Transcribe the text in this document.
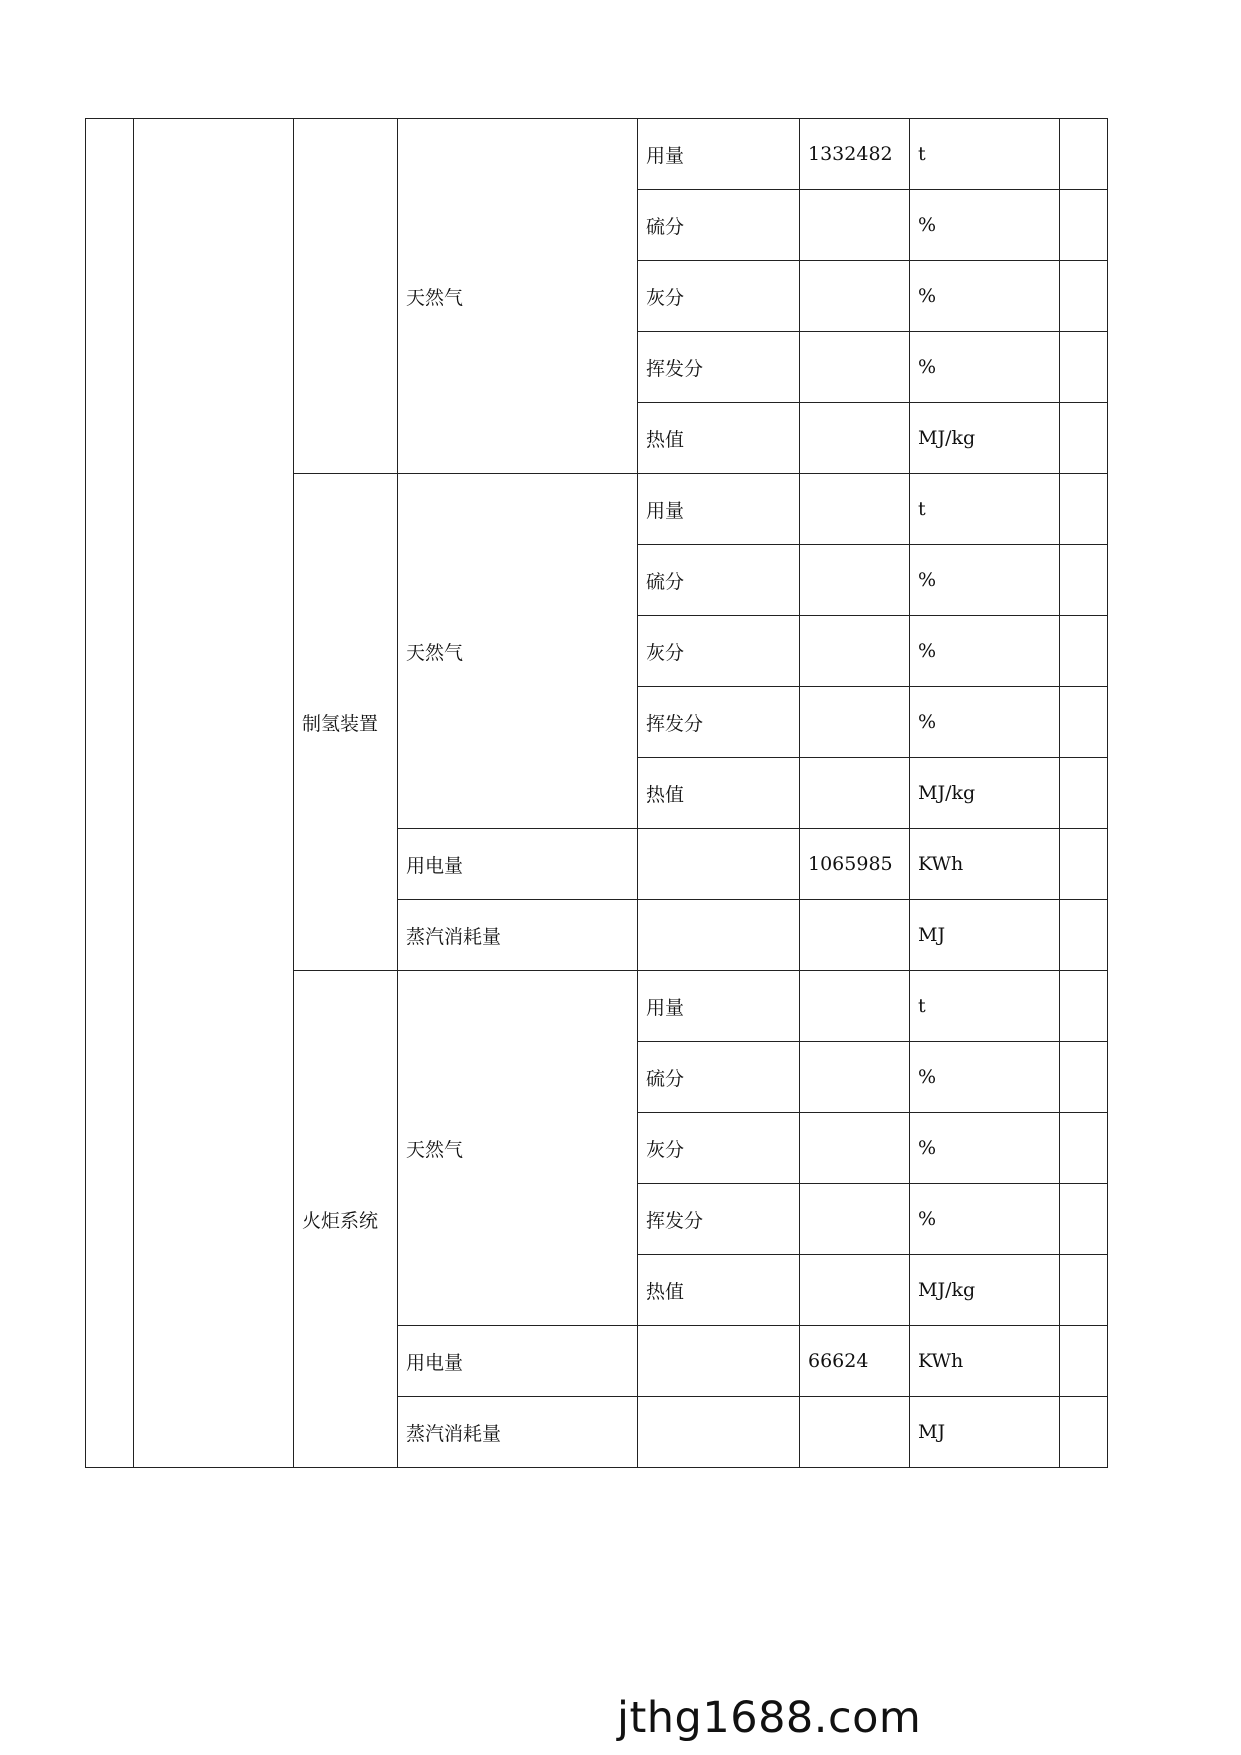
			天然气	用量	1332482	t	
				硫分		%	
				灰分		%	
				挥发分		%	
				热值		MJ/kg	
		制氢装置	天然气	用量		t	
				硫分		%	
				灰分		%	
				挥发分		%	
				热值		MJ/kg	
			用电量		1065985	KWh	
			蒸汽消耗量			MJ	
		火炬系统	天然气	用量		t	
				硫分		%	
				灰分		%	
				挥发分		%	
				热值		MJ/kg	
			用电量		66624	KWh	
			蒸汽消耗量			MJ	
jthg1688.com
